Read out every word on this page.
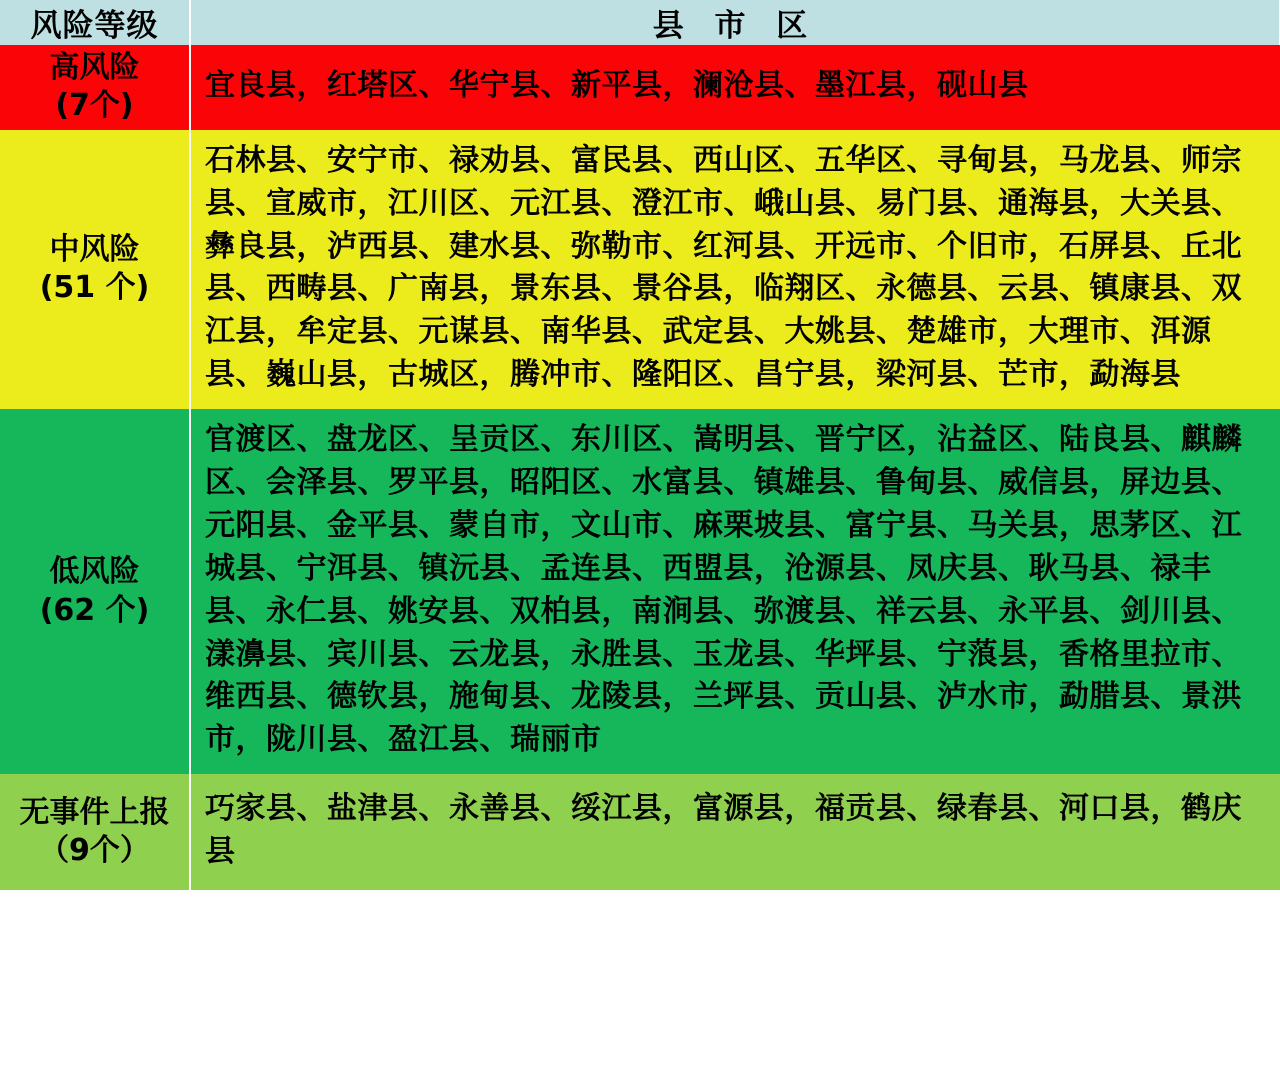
风险等级	县 市 区
高风险
(7个)	宜良县，红塔区、华宁县、新平县，澜沧县、墨江县，砚山县
中风险
(51 个)	石林县、安宁市、禄劝县、富民县、西山区、五华区、寻甸县，马龙县、师宗县、宣威市，江川区、元江县、澄江市、峨山县、易门县、通海县，大关县、彝良县，泸西县、建水县、弥勒市、红河县、开远市、个旧市，石屏县、丘北县、西畴县、广南县，景东县、景谷县，临翔区、永德县、云县、镇康县、双江县，牟定县、元谋县、南华县、武定县、大姚县、楚雄市，大理市、洱源县、巍山县，古城区，腾冲市、隆阳区、昌宁县，梁河县、芒市，勐海县
低风险
(62 个)	官渡区、盘龙区、呈贡区、东川区、嵩明县、晋宁区，沾益区、陆良县、麒麟区、会泽县、罗平县，昭阳区、水富县、镇雄县、鲁甸县、威信县，屏边县、元阳县、金平县、蒙自市，文山市、麻栗坡县、富宁县、马关县，思茅区、江城县、宁洱县、镇沅县、孟连县、西盟县，沧源县、凤庆县、耿马县、禄丰县、永仁县、姚安县、双柏县，南涧县、弥渡县、祥云县、永平县、剑川县、漾濞县、宾川县、云龙县，永胜县、玉龙县、华坪县、宁蒗县，香格里拉市、维西县、德钦县，施甸县、龙陵县，兰坪县、贡山县、泸水市，勐腊县、景洪市，陇川县、盈江县、瑞丽市
无事件上报
（9个）	巧家县、盐津县、永善县、绥江县，富源县，福贡县、绿春县、河口县，鹤庆县
